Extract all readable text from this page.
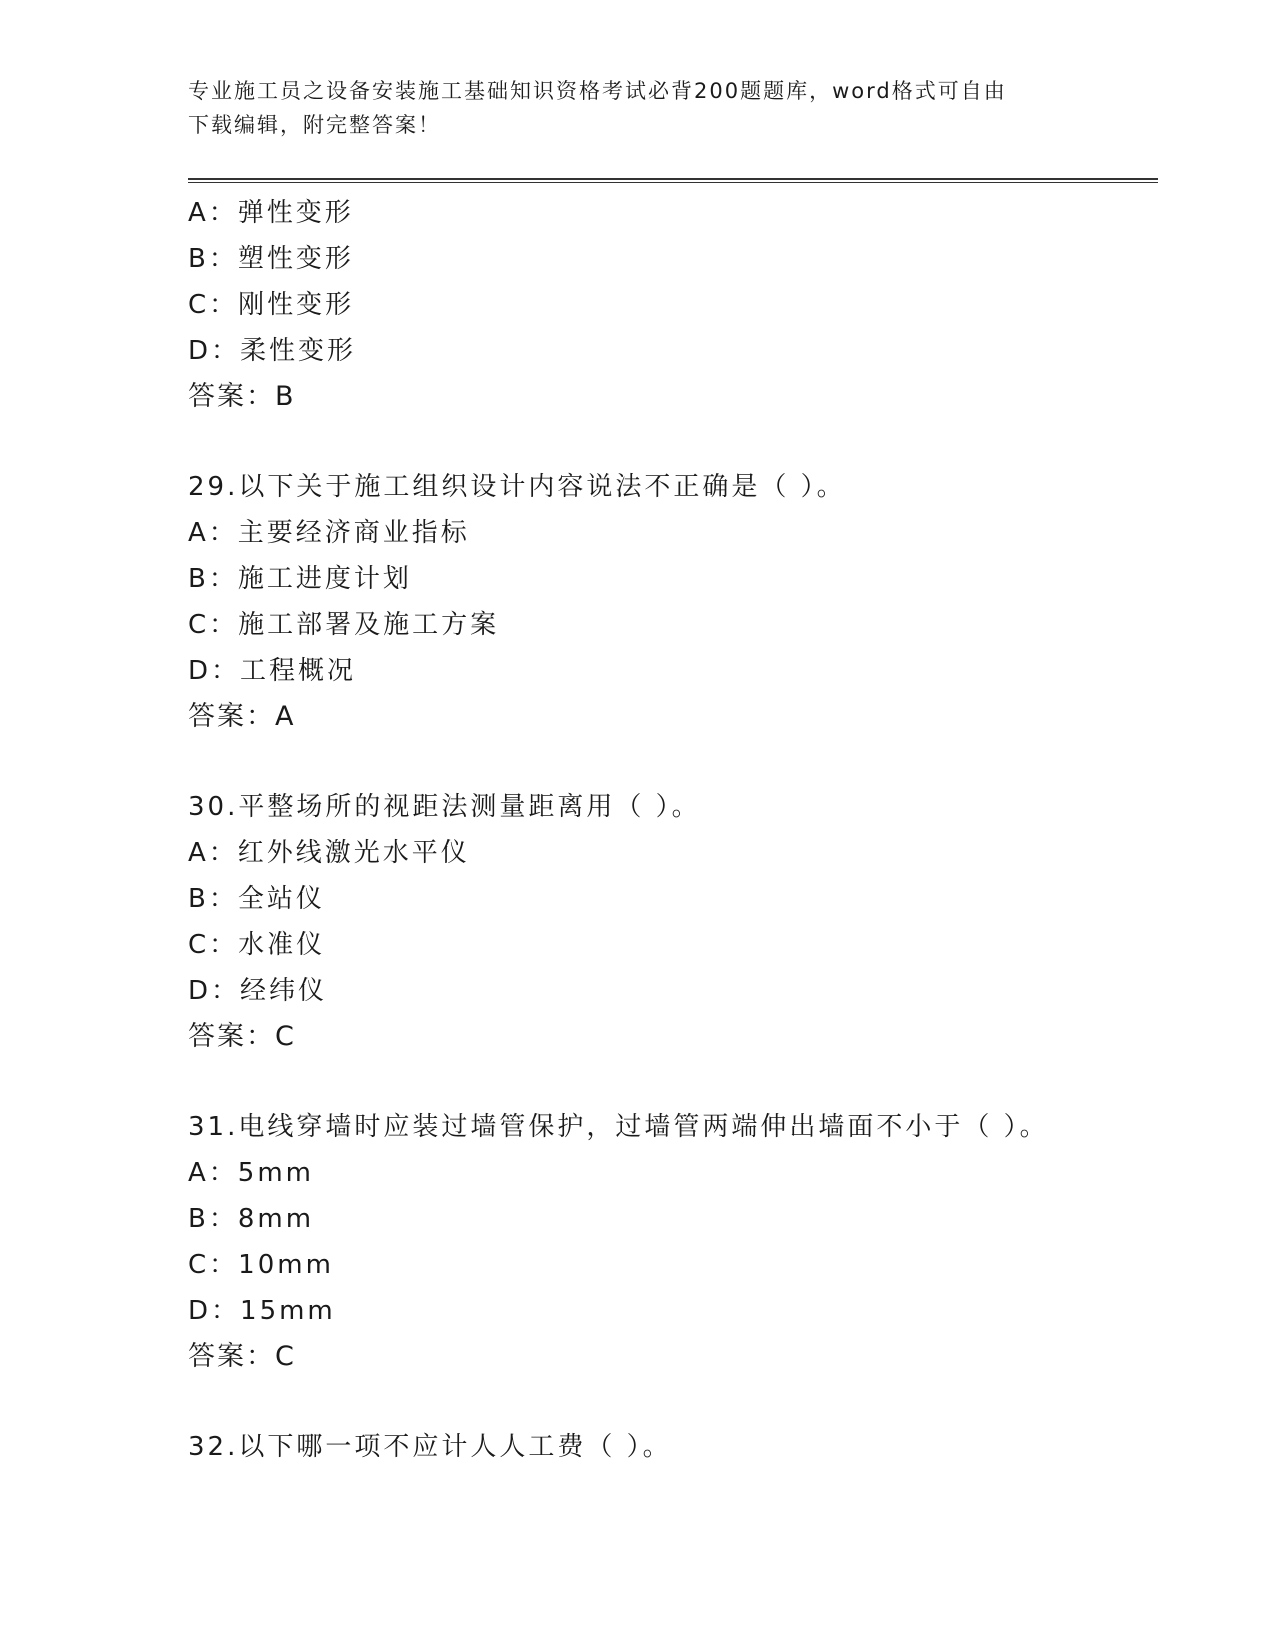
专业施工员之设备安装施工基础知识资格考试必背200题题库，word格式可自由
下载编辑，附完整答案！
A：弹性变形
B：塑性变形
C：刚性变形
D：柔性变形
答案：B
29.以下关于施工组织设计内容说法不正确是（ ）。
A：主要经济商业指标
B：施工进度计划
C：施工部署及施工方案
D：工程概况
答案：A
30.平整场所的视距法测量距离用（ ）。
A：红外线激光水平仪
B：全站仪
C：水准仪
D：经纬仪
答案：C
31.电线穿墙时应装过墙管保护，过墙管两端伸出墙面不小于（ ）。
A：5mm
B：8mm
C：10mm
D：15mm
答案：C
32.以下哪一项不应计人人工费（ ）。
